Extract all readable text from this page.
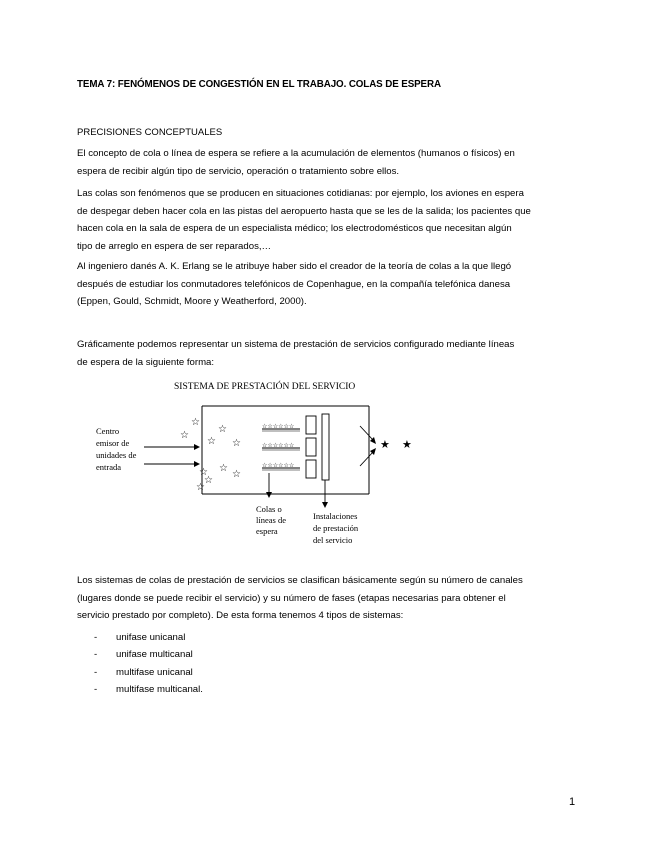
TEMA 7: FENÓMENOS DE CONGESTIÓN EN EL TRABAJO. COLAS DE ESPERA
PRECISIONES CONCEPTUALES
El concepto de cola o línea de espera se refiere a la acumulación de elementos (humanos o físicos) en
espera de recibir algún tipo de servicio, operación o tratamiento sobre ellos.
Las colas son fenómenos que se producen en situaciones cotidianas: por ejemplo, los aviones en espera
de despegar deben hacer cola en las pistas del aeropuerto hasta que se les de la salida; los pacientes que
hacen cola en la sala de espera de un especialista médico; los electrodomésticos que necesitan algún
tipo de arreglo en espera de ser reparados,…
Al ingeniero danés A. K. Erlang se le atribuye haber sido el creador de la teoría de colas a la que llegó
después de estudiar los conmutadores telefónicos de Copenhague, en la compañía telefónica danesa
(Eppen, Gould, Schmidt, Moore y Weatherford, 2000).
Gráficamente podemos representar un sistema de prestación de servicios configurado mediante líneas
de espera de la siguiente forma:
SISTEMA DE PRESTACIÓN DEL SERVICIO
Centro emisor de unidades de entrada
☆ ☆ ☆ ☆ ☆ ☆ ☆ ☆ ☆ ☆
☆☆☆☆☆☆ ☆☆☆☆☆☆ ☆☆☆☆☆☆
★ ★
Colas o líneas de espera
Instalaciones de prestación del servicio
Los sistemas de colas de prestación de servicios se clasifican básicamente según su número de canales
(lugares donde se puede recibir el servicio) y su número de fases (etapas necesarias para obtener el
servicio prestado por completo). De esta forma tenemos 4 tipos de sistemas:
- unifase unicanal
- unifase multicanal
- multifase unicanal
- multifase multicanal.
1
